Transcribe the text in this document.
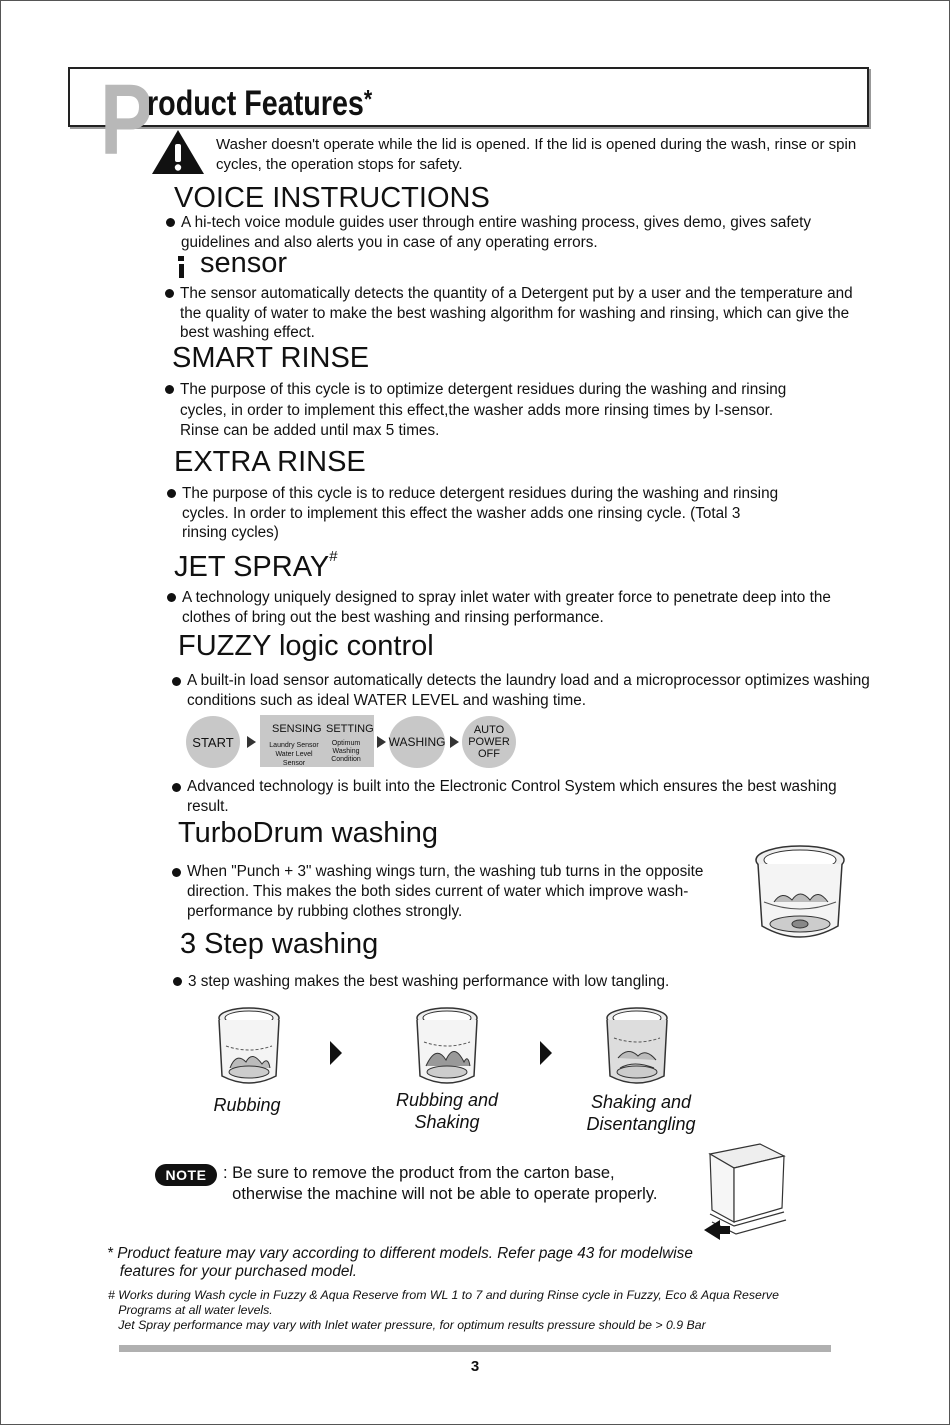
P
roduct Features*
Washer doesn't operate while the lid is opened. If the lid is opened during the wash, rinse or spin cycles, the operation stops for safety.
VOICE INSTRUCTIONS
A hi-tech voice module guides user through entire washing process, gives demo, gives safety guidelines and also alerts you in case of any operating errors.
sensor
The sensor automatically detects the quantity of a Detergent put by a user and the temperature and the quality of water to make the best washing algorithm for washing and rinsing, which can give the best washing effect.
SMART RINSE
The purpose of this cycle is to optimize detergent residues during the washing and rinsing cycles, in order to implement this effect,the washer adds more rinsing times by I-sensor. Rinse can be added until max 5 times.
EXTRA RINSE
The purpose of this cycle is to reduce detergent residues during the washing and rinsing cycles. In order to implement this effect the washer adds one rinsing cycle. (Total 3 rinsing cycles)
JET SPRAY#
A technology uniquely designed to spray inlet water with greater force to penetrate deep into the clothes of bring out the best washing and rinsing performance.
FUZZY logic control
A built-in load sensor automatically detects the laundry load and a microprocessor optimizes washing conditions such as ideal WATER LEVEL and washing time.
START
SENSING SETTING
Laundry Sensor Water Level Sensor
Optimum Washing Condition
WASHING
AUTO POWER OFF
Advanced technology is built into the Electronic Control System which ensures the best washing result.
TurboDrum washing
When "Punch + 3" washing wings turn, the washing tub turns in the opposite direction. This makes the both sides current of water which improve wash-performance by rubbing clothes strongly.
3 Step washing
3 step washing makes the best washing performance with low tangling.
Rubbing	Rubbing and
Shaking
Shaking and
Disentangling
NOTE	: Be sure to remove the product from the carton base,
otherwise the machine will not be able to operate properly.
* Product feature may vary according to different models. Refer page 43 for modelwise
features for your purchased model.
# Works during Wash cycle in Fuzzy & Aqua Reserve from WL 1 to 7 and during Rinse cycle in Fuzzy, Eco & Aqua Reserve
Programs at all water levels.
Jet Spray performance may vary with Inlet water pressure, for optimum results pressure should be > 0.9 Bar
3
